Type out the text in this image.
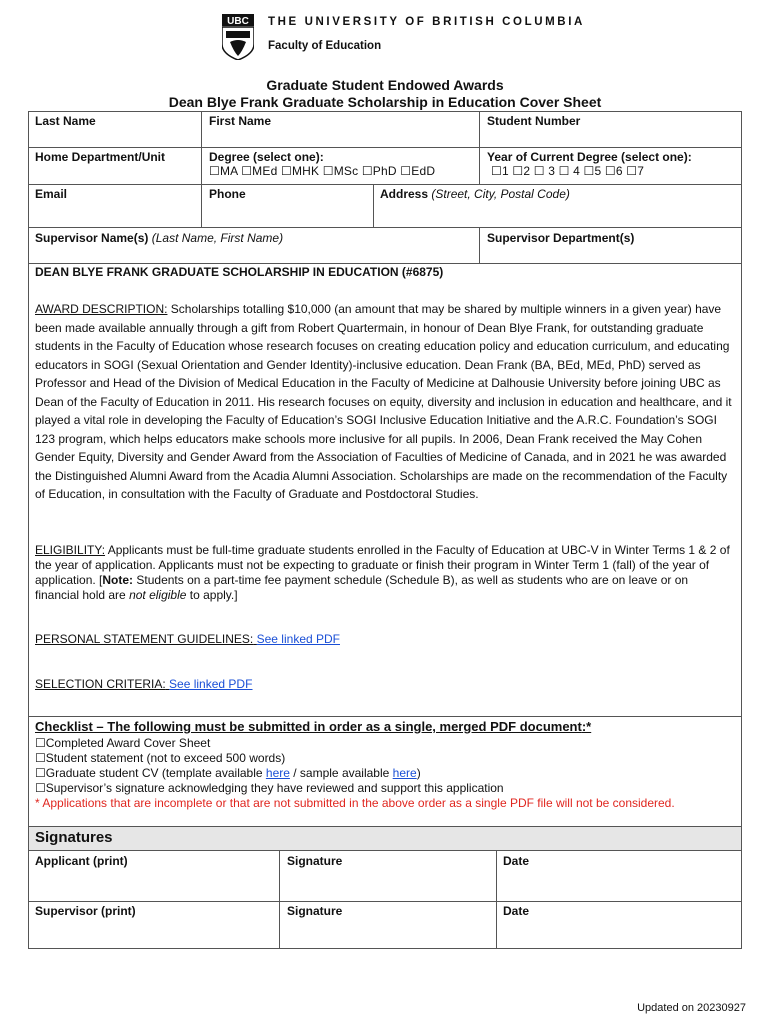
UBC THE UNIVERSITY OF BRITISH COLUMBIA
Faculty of Education
Graduate Student Endowed Awards
Dean Blye Frank Graduate Scholarship in Education Cover Sheet
Last Name	First Name	Student Number
Home Department/Unit	Degree (select one):
☐MA ☐MEd ☐MHK ☐MSc ☐PhD ☐EdD
Year of Current Degree (select one):
☐1 ☐2 ☐ 3 ☐ 4 ☐5 ☐6 ☐7
Email	Phone	Address (Street, City, Postal Code)
Supervisor Name(s) (Last Name, First Name)	Supervisor Department(s)
DEAN BLYE FRANK GRADUATE SCHOLARSHIP IN EDUCATION (#6875)
AWARD DESCRIPTION: Scholarships totalling $10,000 (an amount that may be shared by multiple winners in a given year) have been made available annually through a gift from Robert Quartermain, in honour of Dean Blye Frank, for outstanding graduate students in the Faculty of Education whose research focuses on creating education policy and education curriculum, and educating educators in SOGI (Sexual Orientation and Gender Identity)-inclusive education. Dean Frank (BA, BEd, MEd, PhD) served as Professor and Head of the Division of Medical Education in the Faculty of Medicine at Dalhousie University before joining UBC as Dean of the Faculty of Education in 2011. His research focuses on equity, diversity and inclusion in education and healthcare, and it played a vital role in developing the Faculty of Education’s SOGI Inclusive Education Initiative and the A.R.C. Foundation’s SOGI 123 program, which helps educators make schools more inclusive for all pupils. In 2006, Dean Frank received the May Cohen Gender Equity, Diversity and Gender Award from the Association of Faculties of Medicine of Canada, and in 2021 he was awarded the Distinguished Alumni Award from the Acadia Alumni Association. Scholarships are made on the recommendation of the Faculty of Education, in consultation with the Faculty of Graduate and Postdoctoral Studies.
ELIGIBILITY: Applicants must be full-time graduate students enrolled in the Faculty of Education at UBC-V in Winter Terms 1 & 2 of the year of application. Applicants must not be expecting to graduate or finish their program in Winter Term 1 (fall) of the year of application. [Note: Students on a part-time fee payment schedule (Schedule B), as well as students who are on leave or on financial hold are not eligible to apply.]
PERSONAL STATEMENT GUIDELINES: See linked PDF
SELECTION CRITERIA: See linked PDF
Checklist – The following must be submitted in order as a single, merged PDF document:*
☐Completed Award Cover Sheet
☐Student statement (not to exceed 500 words)
☐Graduate student CV (template available here / sample available here)
☐Supervisor’s signature acknowledging they have reviewed and support this application
* Applications that are incomplete or that are not submitted in the above order as a single PDF file will not be considered.
Signatures
Applicant (print)	Signature	Date
Supervisor (print)	Signature	Date
Updated on 20230927
